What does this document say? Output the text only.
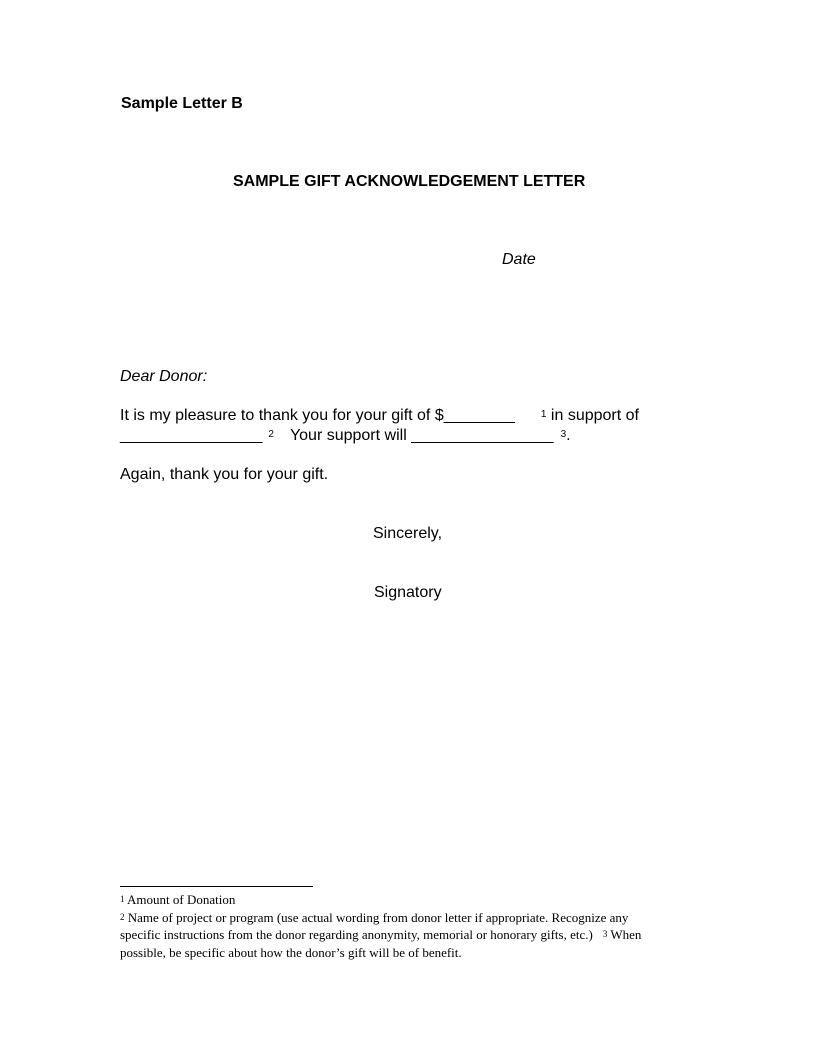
Sample Letter B
SAMPLE GIFT ACKNOWLEDGEMENT LETTER
Date
Dear Donor:
It is my pleasure to thank you for your gift of $________	$^1$ in support of
________________ $^2$ Your support will ________________ $^3$.
Again, thank you for your gift.
Sincerely,
Signatory

$^1$ Amount of Donation

$^2$ Name of project or program (use actual wording from donor letter if appropriate. Recognize any specific instructions from the donor regarding anonymity, memorial or honorary gifts, etc.) $^3$ When possible, be specific about how the donor’s gift will be of benefit.
